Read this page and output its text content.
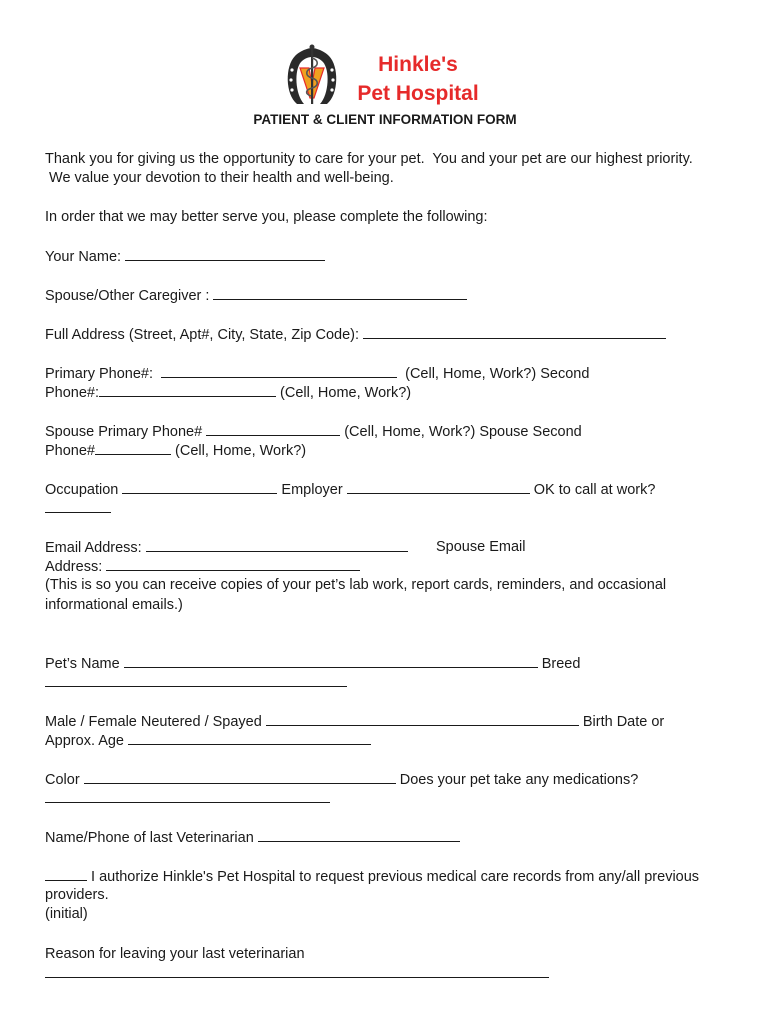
Hinkle's
Pet Hospital
PATIENT & CLIENT INFORMATION FORM
Thank you for giving us the opportunity to care for your pet.  You and your pet are our highest priority.
We value your devotion to their health and well-being.
In order that we may better serve you, please complete the following:
Your Name:
Spouse/Other Caregiver :
Full Address (Street, Apt#, City, State, Zip Code):
Primary Phone#:	(Cell, Home, Work?) Second
Phone#:	(Cell, Home, Work?)
Spouse Primary Phone#	(Cell, Home, Work?) Spouse Second
Phone#	(Cell, Home, Work?)
Occupation	Employer	OK to call at work?
Email Address:	Spouse Email
Address:
(This is so you can receive copies of your pet’s lab work, report cards, reminders, and occasional
informational emails.)
Pet’s Name	Breed
Male / Female Neutered / Spayed	Birth Date or
Approx. Age
Color	Does your pet take any medications?
Name/Phone of last Veterinarian
I authorize Hinkle's Pet Hospital to request previous medical care records from any/all previous
providers.
(initial)
Reason for leaving your last veterinarian
